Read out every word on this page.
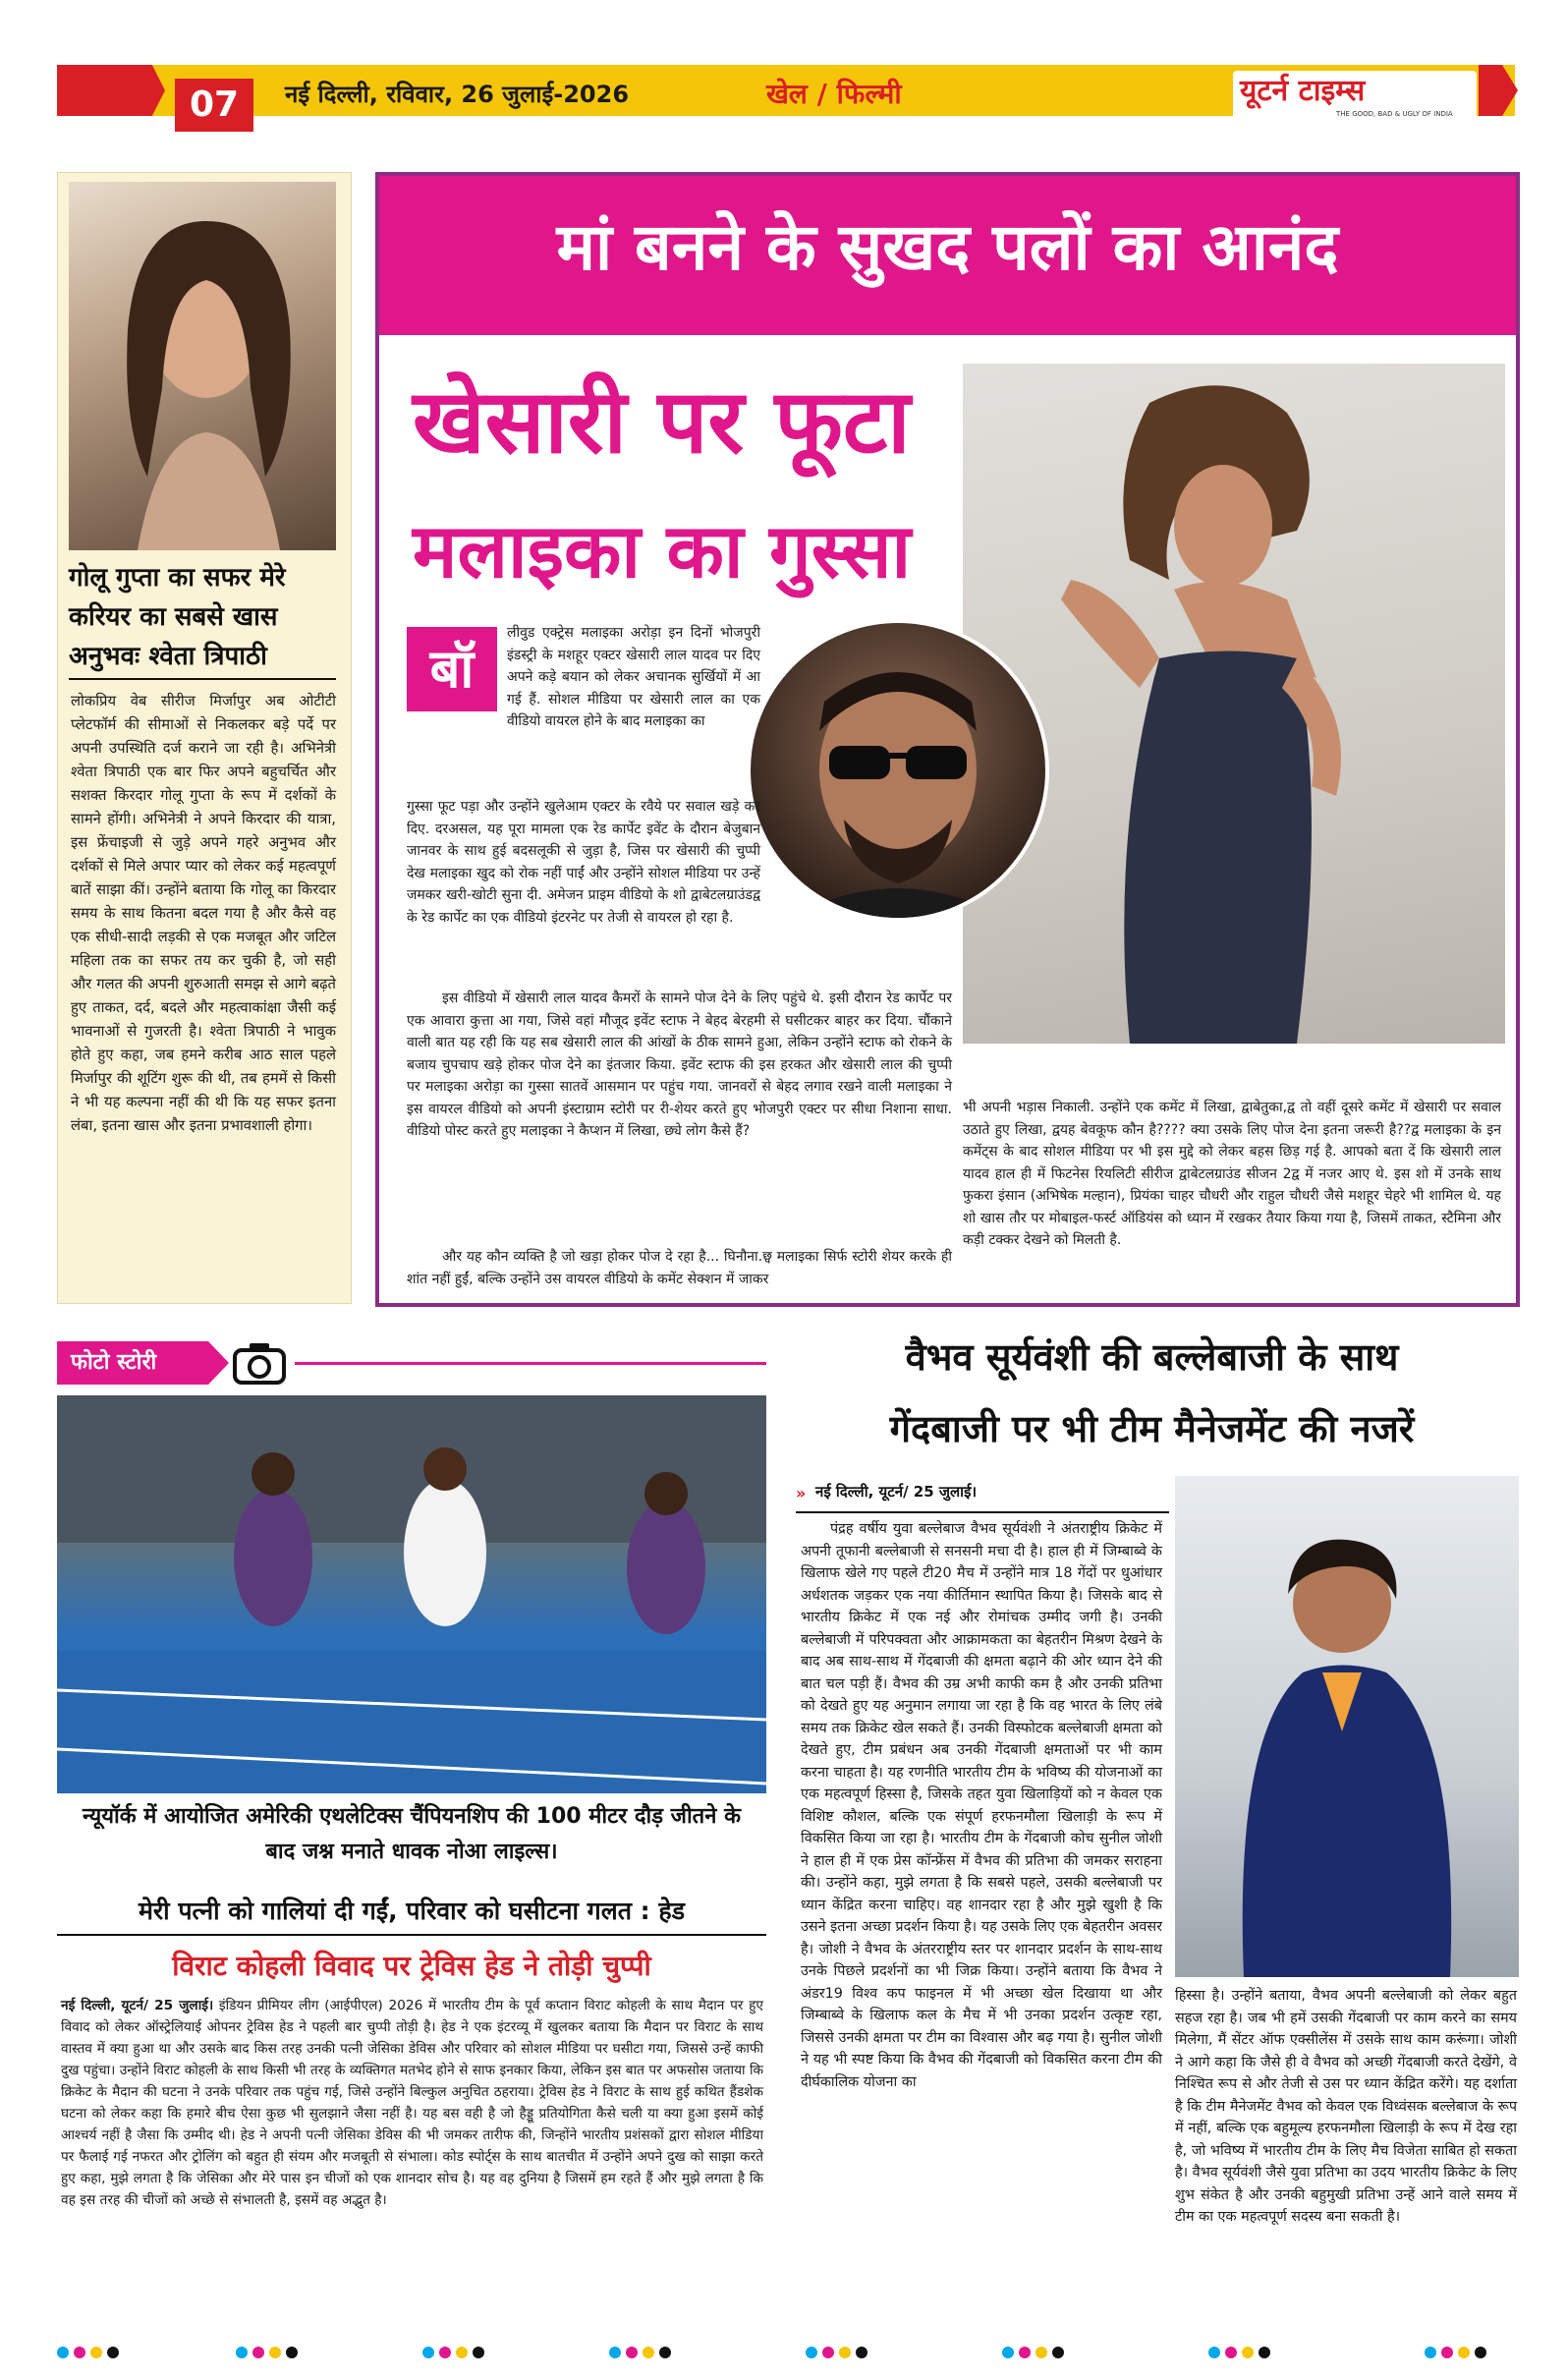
07	नई दिल्ली, रविवार, 26 जुलाई-2026	खेल / फिल्मी	यूटर्न टाइम्स
THE GOOD, BAD & UGLY OF INDIA
गोलू गुप्ता का सफर मेरे करियर का सबसे खास अनुभवः श्वेता त्रिपाठी

लोकप्रिय वेब सीरीज मिर्जापुर अब ओटीटी प्लेटफॉर्म की सीमाओं से निकलकर बड़े पर्दे पर अपनी उपस्थिति दर्ज कराने जा रही है। अभिनेत्री श्वेता त्रिपाठी एक बार फिर अपने बहुचर्चित और सशक्त किरदार गोलू गुप्ता के रूप में दर्शकों के सामने होंगी। अभिनेत्री ने अपने किरदार की यात्रा, इस फ्रेंचाइजी से जुड़े अपने गहरे अनुभव और दर्शकों से मिले अपार प्यार को लेकर कई महत्वपूर्ण बातें साझा कीं। उन्होंने बताया कि गोलू का किरदार समय के साथ कितना बदल गया है और कैसे वह एक सीधी-सादी लड़की से एक मजबूत और जटिल महिला तक का सफर तय कर चुकी है, जो सही और गलत की अपनी शुरुआती समझ से आगे बढ़ते हुए ताकत, दर्द, बदले और महत्वाकांक्षा जैसी कई भावनाओं से गुजरती है। श्वेता त्रिपाठी ने भावुक होते हुए कहा, जब हमने करीब आठ साल पहले मिर्जापुर की शूटिंग शुरू की थी, तब हममें से किसी ने भी यह कल्पना नहीं की थी कि यह सफर इतना लंबा, इतना खास और इतना प्रभावशाली होगा।

मां बनने के सुखद पलों का आनंद
खेसारी पर फूटा
मलाइका का गुस्सा
बॉ

लीवुड एक्ट्रेस मलाइका अरोड़ा इन दिनों भोजपुरी इंडस्ट्री के मशहूर एक्टर खेसारी लाल यादव पर दिए अपने कड़े बयान को लेकर अचानक सुर्खियों में आ गई हैं. सोशल मीडिया पर खेसारी लाल का एक वीडियो वायरल होने के बाद मलाइका का

गुस्सा फूट पड़ा और उन्होंने खुलेआम एक्टर के रवैये पर सवाल खड़े कर दिए. दरअसल, यह पूरा मामला एक रेड कार्पेट इवेंट के दौरान बेजुबान जानवर के साथ हुई बदसलूकी से जुड़ा है, जिस पर खेसारी की चुप्पी देख मलाइका खुद को रोक नहीं पाईं और उन्होंने सोशल मीडिया पर उन्हें जमकर खरी-खोटी सुना दी. अमेजन प्राइम वीडियो के शो द्वाबेटलग्राउंडद्व के रेड कार्पेट का एक वीडियो इंटरनेट पर तेजी से वायरल हो रहा है.

इस वीडियो में खेसारी लाल यादव कैमरों के सामने पोज देने के लिए पहुंचे थे. इसी दौरान रेड कार्पेट पर एक आवारा कुत्ता आ गया, जिसे वहां मौजूद इवेंट स्टाफ ने बेहद बेरहमी से घसीटकर बाहर कर दिया. चौंकाने वाली बात यह रही कि यह सब खेसारी लाल की आंखों के ठीक सामने हुआ, लेकिन उन्होंने स्टाफ को रोकने के बजाय चुपचाप खड़े होकर पोज देने का इंतजार किया. इवेंट स्टाफ की इस हरकत और खेसारी लाल की चुप्पी पर मलाइका अरोड़ा का गुस्सा सातवें आसमान पर पहुंच गया. जानवरों से बेहद लगाव रखने वाली मलाइका ने इस वायरल वीडियो को अपनी इंस्टाग्राम स्टोरी पर री-शेयर करते हुए भोजपुरी एक्टर पर सीधा निशाना साधा. वीडियो पोस्ट करते हुए मलाइका ने कैप्शन में लिखा, छ्ये लोग कैसे हैं?

और यह कौन व्यक्ति है जो खड़ा होकर पोज दे रहा है... घिनौना.छ्व मलाइका सिर्फ स्टोरी शेयर करके ही शांत नहीं हुईं, बल्कि उन्होंने उस वायरल वीडियो के कमेंट सेक्शन में जाकर

भी अपनी भड़ास निकाली. उन्होंने एक कमेंट में लिखा, द्वाबेतुका,द्व तो वहीं दूसरे कमेंट में खेसारी पर सवाल उठाते हुए लिखा, द्वयह बेवकूफ कौन है???? क्या उसके लिए पोज देना इतना जरूरी है??द्व मलाइका के इन कमेंट्स के बाद सोशल मीडिया पर भी इस मुद्दे को लेकर बहस छिड़ गई है. आपको बता दें कि खेसारी लाल यादव हाल ही में फिटनेस रियलिटी सीरीज द्वाबेटलग्राउंड सीजन 2द्व में नजर आए थे. इस शो में उनके साथ फुकरा इंसान (अभिषेक मल्हान), प्रियंका चाहर चौधरी और राहुल चौधरी जैसे मशहूर चेहरे भी शामिल थे. यह शो खास तौर पर मोबाइल-फर्स्ट ऑडियंस को ध्यान में रखकर तैयार किया गया है, जिसमें ताकत, स्टैमिना और कड़ी टक्कर देखने को मिलती है.

फोटो स्टोरी
न्यूयॉर्क में आयोजित अमेरिकी एथलेटिक्स चैंपियनशिप की 100 मीटर दौड़ जीतने के बाद जश्न मनाते धावक नोआ लाइल्स।
मेरी पत्नी को गालियां दी गईं, परिवार को घसीटना गलत : हेड
विराट कोहली विवाद पर ट्रेविस हेड ने तोड़ी चुप्पी

नई दिल्ली, यूटर्न/ 25 जुलाई। इंडियन प्रीमियर लीग (आईपीएल) 2026 में भारतीय टीम के पूर्व कप्तान विराट कोहली के साथ मैदान पर हुए विवाद को लेकर ऑस्ट्रेलियाई ओपनर ट्रेविस हेड ने पहली बार चुप्पी तोड़ी है। हेड ने एक इंटरव्यू में खुलकर बताया कि मैदान पर विराट के साथ वास्तव में क्या हुआ था और उसके बाद किस तरह उनकी पत्नी जेसिका डेविस और परिवार को सोशल मीडिया पर घसीटा गया, जिससे उन्हें काफी दुख पहुंचा। उन्होंने विराट कोहली के साथ किसी भी तरह के व्यक्तिगत मतभेद होने से साफ इनकार किया, लेकिन इस बात पर अफसोस जताया कि क्रिकेट के मैदान की घटना ने उनके परिवार तक पहुंच गई, जिसे उन्होंने बिल्कुल अनुचित ठहराया। ट्रेविस हेड ने विराट के साथ हुई कथित हैंडशेक घटना को लेकर कहा कि हमारे बीच ऐसा कुछ भी सुलझाने जैसा नहीं है। यह बस वही है जो हैड्डू प्रतियोगिता कैसे चली या क्या हुआ इसमें कोई आश्चर्य नहीं है जैसा कि उम्मीद थी। हेड ने अपनी पत्नी जेसिका डेविस की भी जमकर तारीफ की, जिन्होंने भारतीय प्रशंसकों द्वारा सोशल मीडिया पर फैलाई गई नफरत और ट्रोलिंग को बहुत ही संयम और मजबूती से संभाला। कोड स्पोर्ट्स के साथ बातचीत में उन्होंने अपने दुख को साझा करते हुए कहा, मुझे लगता है कि जेसिका और मेरे पास इन चीजों को एक शानदार सोच है। यह वह दुनिया है जिसमें हम रहते हैं और मुझे लगता है कि वह इस तरह की चीजों को अच्छे से संभालती है, इसमें वह अद्भुत है।

वैभव सूर्यवंशी की बल्लेबाजी के साथ
गेंदबाजी पर भी टीम मैनेजमेंट की नजरें
» नई दिल्ली, यूटर्न/ 25 जुलाई।

पंद्रह वर्षीय युवा बल्लेबाज वैभव सूर्यवंशी ने अंतराष्ट्रीय क्रिकेट में अपनी तूफानी बल्लेबाजी से सनसनी मचा दी है। हाल ही में जिम्बाब्वे के खिलाफ खेले गए पहले टी20 मैच में उन्होंने मात्र 18 गेंदों पर धुआंधार अर्धशतक जड़कर एक नया कीर्तिमान स्थापित किया है। जिसके बाद से भारतीय क्रिकेट में एक नई और रोमांचक उम्मीद जगी है। उनकी बल्लेबाजी में परिपक्वता और आक्रामकता का बेहतरीन मिश्रण देखने के बाद अब साथ-साथ में गेंदबाजी की क्षमता बढ़ाने की ओर ध्यान देने की बात चल पड़ी हैं। वैभव की उम्र अभी काफी कम है और उनकी प्रतिभा को देखते हुए यह अनुमान लगाया जा रहा है कि वह भारत के लिए लंबे समय तक क्रिकेट खेल सकते हैं। उनकी विस्फोटक बल्लेबाजी क्षमता को देखते हुए, टीम प्रबंधन अब उनकी गेंदबाजी क्षमताओं पर भी काम करना चाहता है। यह रणनीति भारतीय टीम के भविष्य की योजनाओं का एक महत्वपूर्ण हिस्सा है, जिसके तहत युवा खिलाड़ियों को न केवल एक विशिष्ट कौशल, बल्कि एक संपूर्ण हरफनमौला खिलाड़ी के रूप में विकसित किया जा रहा है। भारतीय टीम के गेंदबाजी कोच सुनील जोशी ने हाल ही में एक प्रेस कॉन्फ्रेंस में वैभव की प्रतिभा की जमकर सराहना की। उन्होंने कहा, मुझे लगता है कि सबसे पहले, उसकी बल्लेबाजी पर ध्यान केंद्रित करना चाहिए। वह शानदार रहा है और मुझे खुशी है कि उसने इतना अच्छा प्रदर्शन किया है। यह उसके लिए एक बेहतरीन अवसर है। जोशी ने वैभव के अंतरराष्ट्रीय स्तर पर शानदार प्रदर्शन के साथ-साथ उनके पिछले प्रदर्शनों का भी जिक्र किया। उन्होंने बताया कि वैभव ने अंडर19 विश्व कप फाइनल में भी अच्छा खेल दिखाया था और जिम्बाब्वे के खिलाफ कल के मैच में भी उनका प्रदर्शन उत्कृष्ट रहा, जिससे उनकी क्षमता पर टीम का विश्वास और बढ़ गया है। सुनील जोशी ने यह भी स्पष्ट किया कि वैभव की गेंदबाजी को विकसित करना टीम की दीर्घकालिक योजना का

हिस्सा है। उन्होंने बताया, वैभव अपनी बल्लेबाजी को लेकर बहुत सहज रहा है। जब भी हमें उसकी गेंदबाजी पर काम करने का समय मिलेगा, मैं सेंटर ऑफ एक्सीलेंस में उसके साथ काम करूंगा। जोशी ने आगे कहा कि जैसे ही वे वैभव को अच्छी गेंदबाजी करते देखेंगे, वे निश्चित रूप से और तेजी से उस पर ध्यान केंद्रित करेंगे। यह दर्शाता है कि टीम मैनेजमेंट वैभव को केवल एक विध्वंसक बल्लेबाज के रूप में नहीं, बल्कि एक बहुमूल्य हरफनमौला खिलाड़ी के रूप में देख रहा है, जो भविष्य में भारतीय टीम के लिए मैच विजेता साबित हो सकता है। वैभव सूर्यवंशी जैसे युवा प्रतिभा का उदय भारतीय क्रिकेट के लिए शुभ संकेत है और उनकी बहुमुखी प्रतिभा उन्हें आने वाले समय में टीम का एक महत्वपूर्ण सदस्य बना सकती है।
